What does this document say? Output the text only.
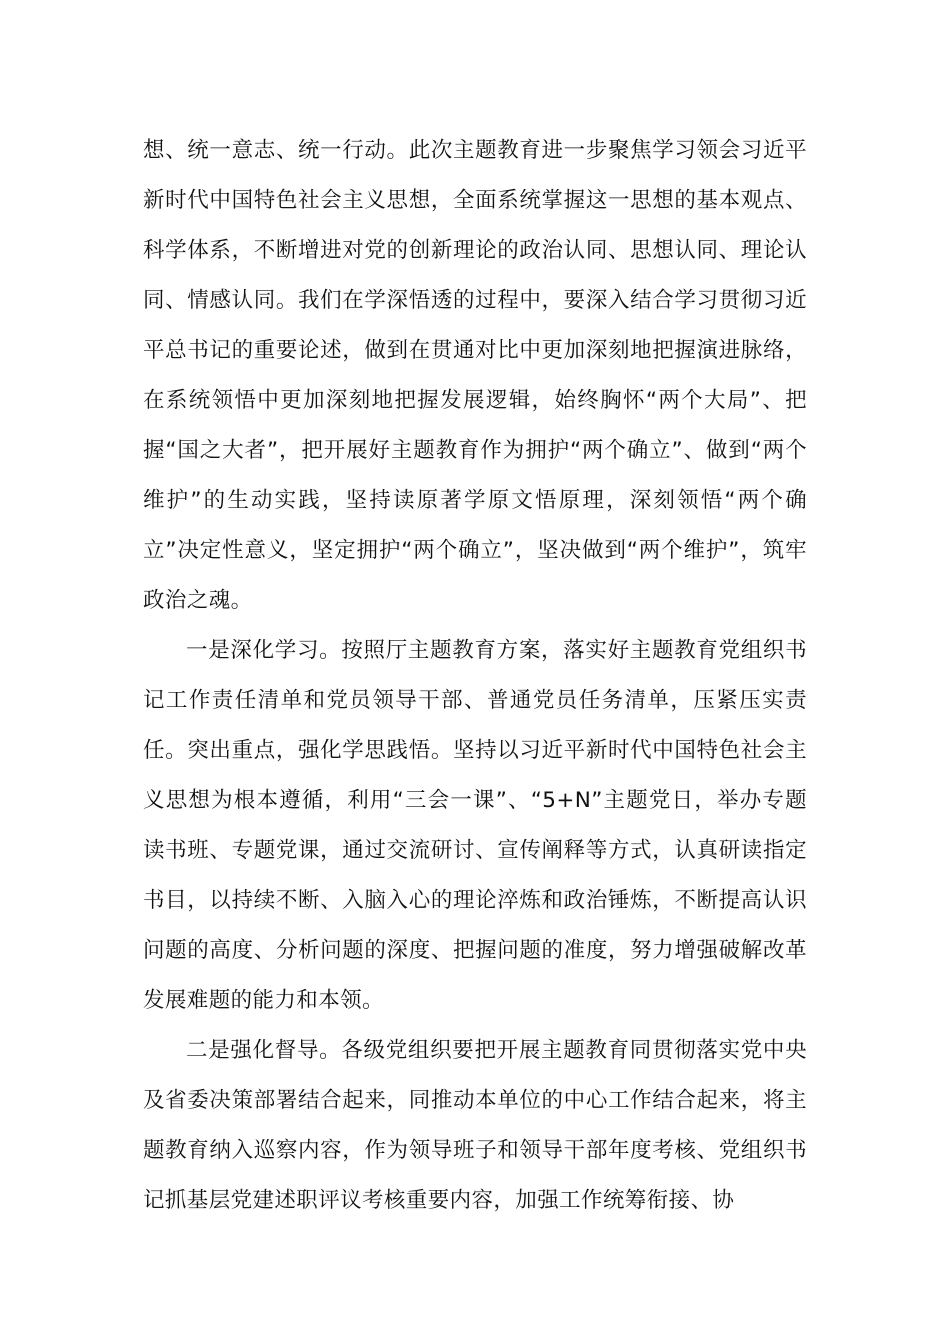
想、统一意志、统一行动。此次主题教育进一步聚焦学习领会习近平新时代中国特色社会主义思想，全面系统掌握这一思想的基本观点、科学体系，不断增进对党的创新理论的政治认同、思想认同、理论认同、情感认同。我们在学深悟透的过程中，要深入结合学习贯彻习近平总书记的重要论述，做到在贯通对比中更加深刻地把握演进脉络，在系统领悟中更加深刻地把握发展逻辑，始终胸怀“两个大局”、把握“国之大者”，把开展好主题教育作为拥护“两个确立”、做到“两个维护”的生动实践，坚持读原著学原文悟原理，深刻领悟“两个确立”决定性意义，坚定拥护“两个确立”，坚决做到“两个维护”，筑牢政治之魂。

一是深化学习。按照厅主题教育方案，落实好主题教育党组织书记工作责任清单和党员领导干部、普通党员任务清单，压紧压实责任。突出重点，强化学思践悟。坚持以习近平新时代中国特色社会主义思想为根本遵循，利用“三会一课”、“5+N”主题党日，举办专题读书班、专题党课，通过交流研讨、宣传阐释等方式，认真研读指定书目，以持续不断、入脑入心的理论淬炼和政治锤炼，不断提高认识问题的高度、分析问题的深度、把握问题的准度，努力增强破解改革发展难题的能力和本领。

二是强化督导。各级党组织要把开展主题教育同贯彻落实党中央及省委决策部署结合起来，同推动本单位的中心工作结合起来，将主题教育纳入巡察内容，作为领导班子和领导干部年度考核、党组织书记抓基层党建述职评议考核重要内容，加强工作统筹衔接、协
